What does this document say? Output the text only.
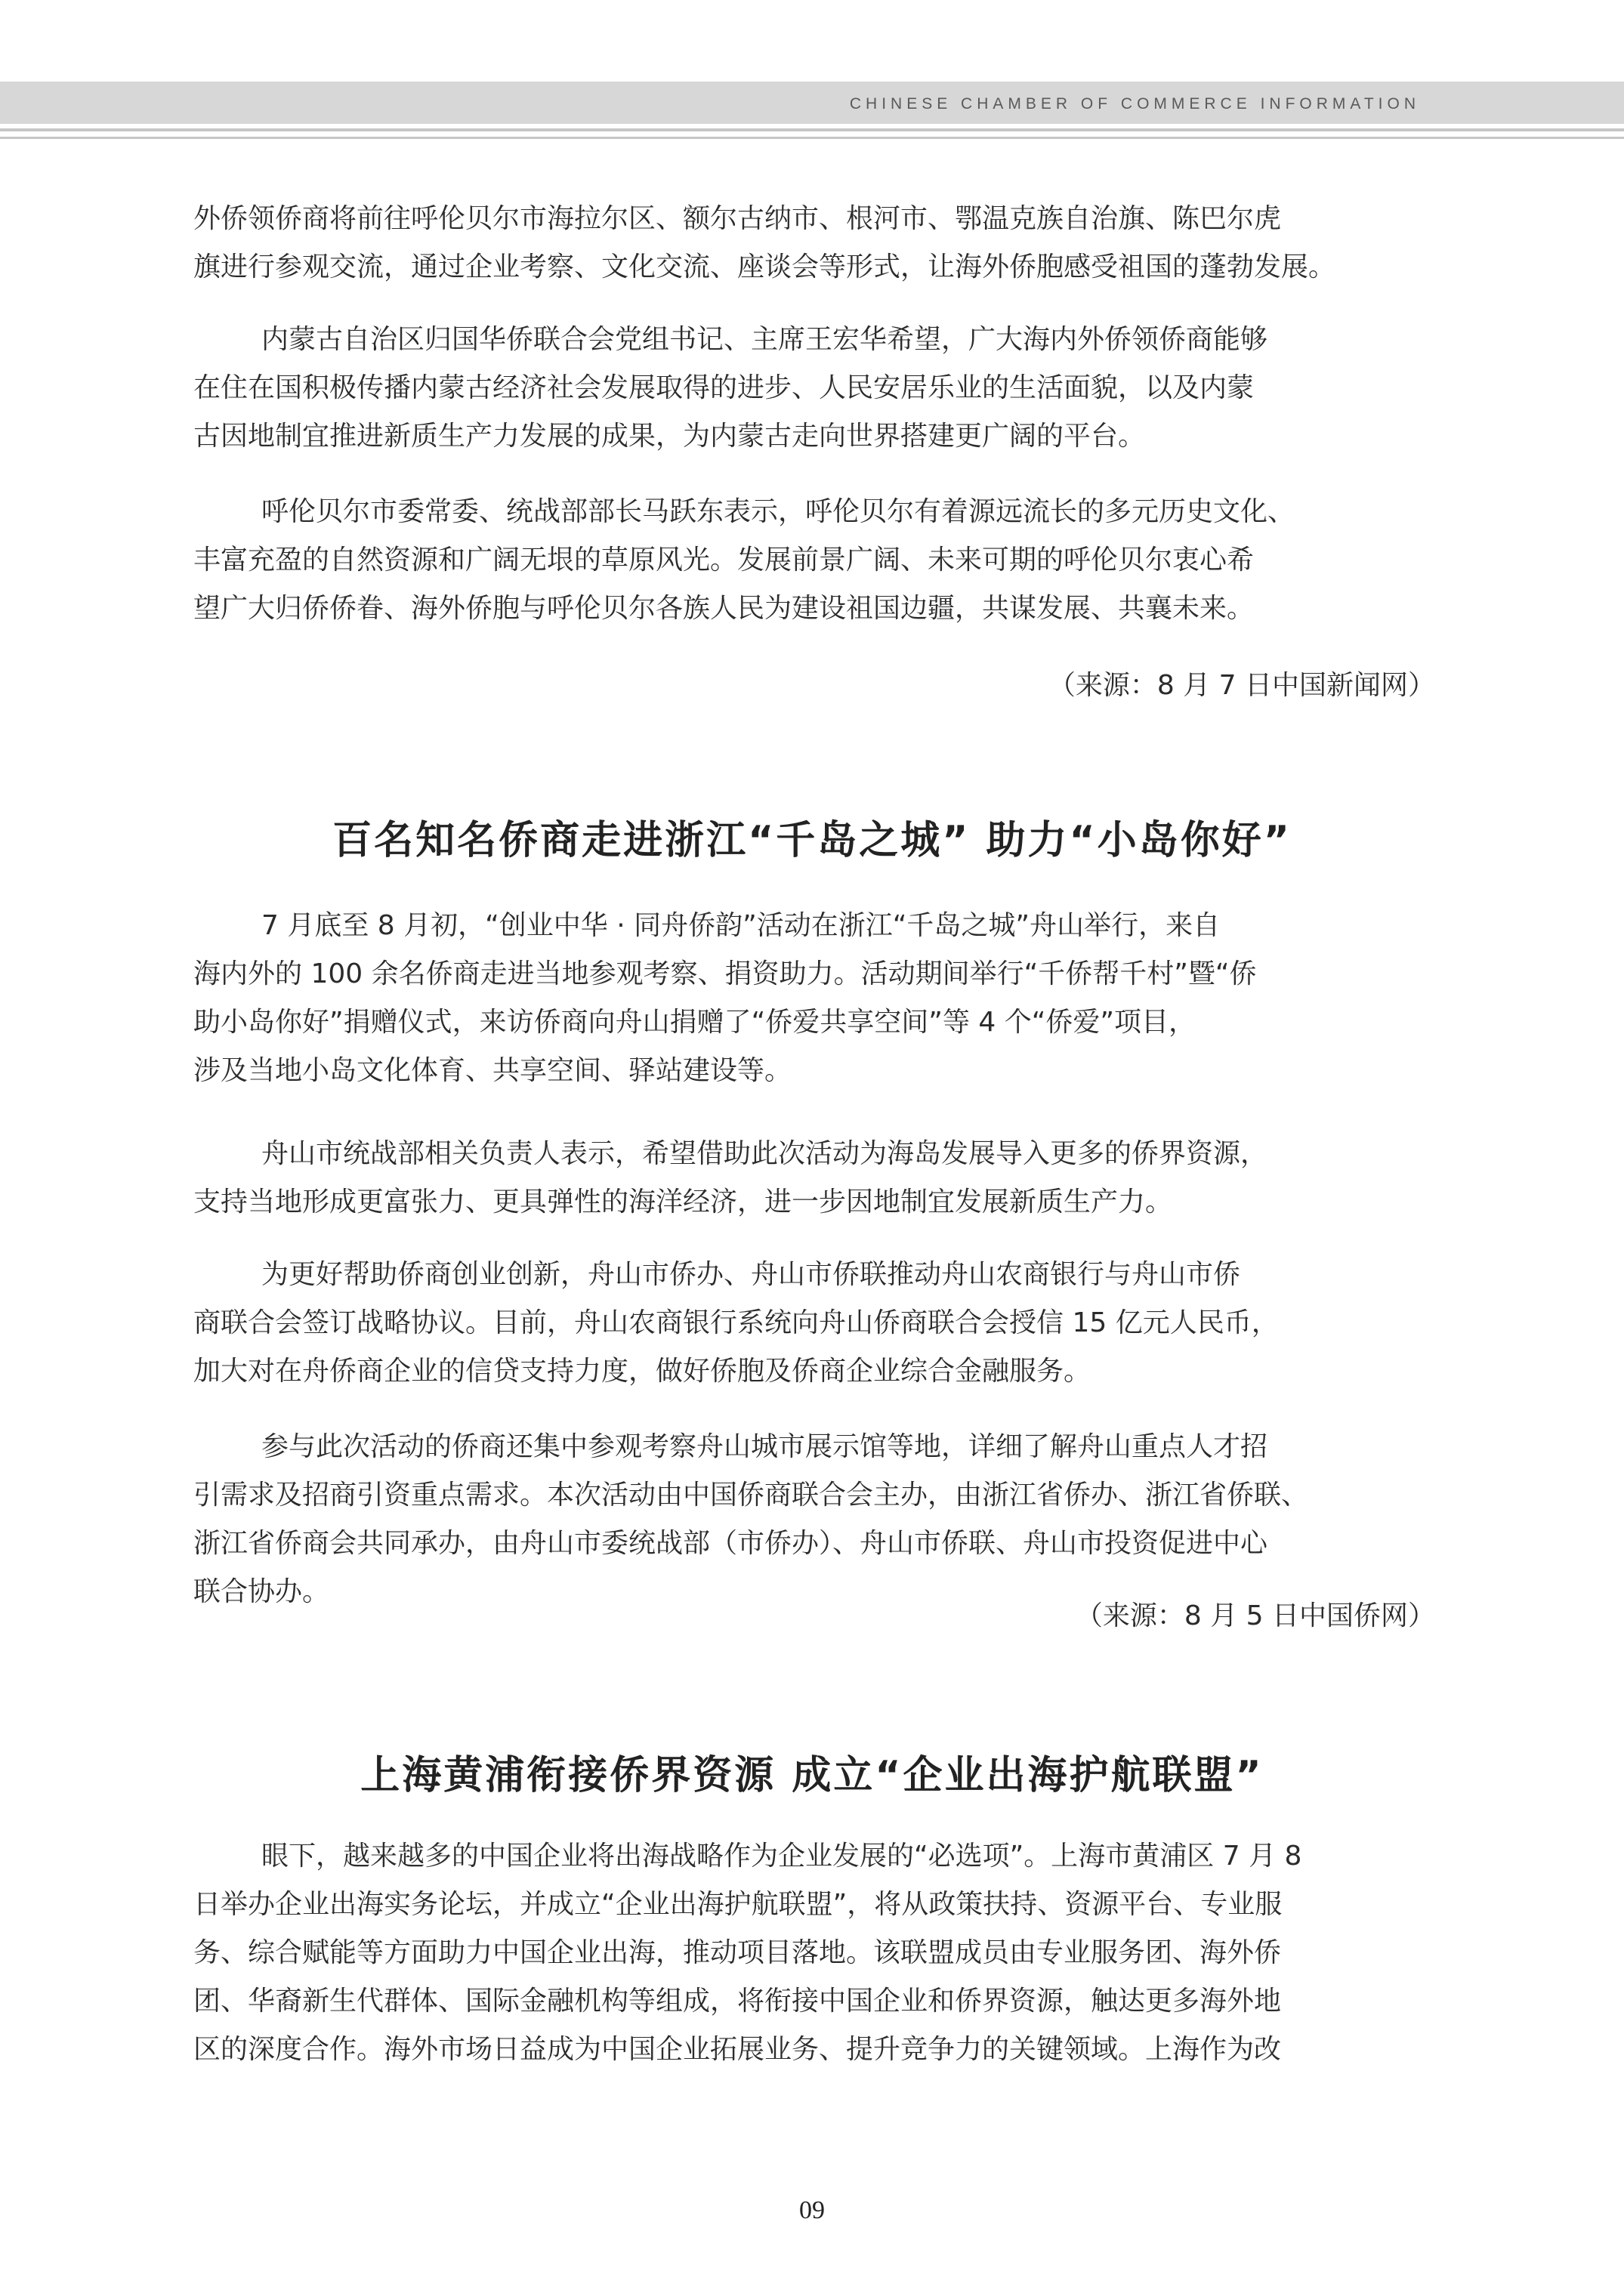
CHINESE CHAMBER OF COMMERCE INFORMATION
外侨领侨商将前往呼伦贝尔市海拉尔区、额尔古纳市、根河市、鄂温克族自治旗、陈巴尔虎
旗进行参观交流，通过企业考察、文化交流、座谈会等形式，让海外侨胞感受祖国的蓬勃发展。
内蒙古自治区归国华侨联合会党组书记、主席王宏华希望，广大海内外侨领侨商能够
在住在国积极传播内蒙古经济社会发展取得的进步、人民安居乐业的生活面貌，以及内蒙
古因地制宜推进新质生产力发展的成果，为内蒙古走向世界搭建更广阔的平台。
呼伦贝尔市委常委、统战部部长马跃东表示，呼伦贝尔有着源远流长的多元历史文化、
丰富充盈的自然资源和广阔无垠的草原风光。发展前景广阔、未来可期的呼伦贝尔衷心希
望广大归侨侨眷、海外侨胞与呼伦贝尔各族人民为建设祖国边疆，共谋发展、共襄未来。
（来源：8 月 7 日中国新闻网）
百名知名侨商走进浙江“千岛之城” 助力“小岛你好”
7 月底至 8 月初，“创业中华 · 同舟侨韵”活动在浙江“千岛之城”舟山举行，来自
海内外的 100 余名侨商走进当地参观考察、捐资助力。活动期间举行“千侨帮千村”暨“侨
助小岛你好”捐赠仪式，来访侨商向舟山捐赠了“侨爱共享空间”等 4 个“侨爱”项目，
涉及当地小岛文化体育、共享空间、驿站建设等。
舟山市统战部相关负责人表示，希望借助此次活动为海岛发展导入更多的侨界资源，
支持当地形成更富张力、更具弹性的海洋经济，进一步因地制宜发展新质生产力。
为更好帮助侨商创业创新，舟山市侨办、舟山市侨联推动舟山农商银行与舟山市侨
商联合会签订战略协议。目前，舟山农商银行系统向舟山侨商联合会授信 15 亿元人民币，
加大对在舟侨商企业的信贷支持力度，做好侨胞及侨商企业综合金融服务。
参与此次活动的侨商还集中参观考察舟山城市展示馆等地，详细了解舟山重点人才招
引需求及招商引资重点需求。本次活动由中国侨商联合会主办，由浙江省侨办、浙江省侨联、
浙江省侨商会共同承办，由舟山市委统战部（市侨办）、舟山市侨联、舟山市投资促进中心
联合协办。
（来源：8 月 5 日中国侨网）
上海黄浦衔接侨界资源 成立“企业出海护航联盟”
眼下，越来越多的中国企业将出海战略作为企业发展的“必选项”。上海市黄浦区 7 月 8
日举办企业出海实务论坛，并成立“企业出海护航联盟”，将从政策扶持、资源平台、专业服
务、综合赋能等方面助力中国企业出海，推动项目落地。该联盟成员由专业服务团、海外侨
团、华裔新生代群体、国际金融机构等组成，将衔接中国企业和侨界资源，触达更多海外地
区的深度合作。海外市场日益成为中国企业拓展业务、提升竞争力的关键领域。上海作为改
09
